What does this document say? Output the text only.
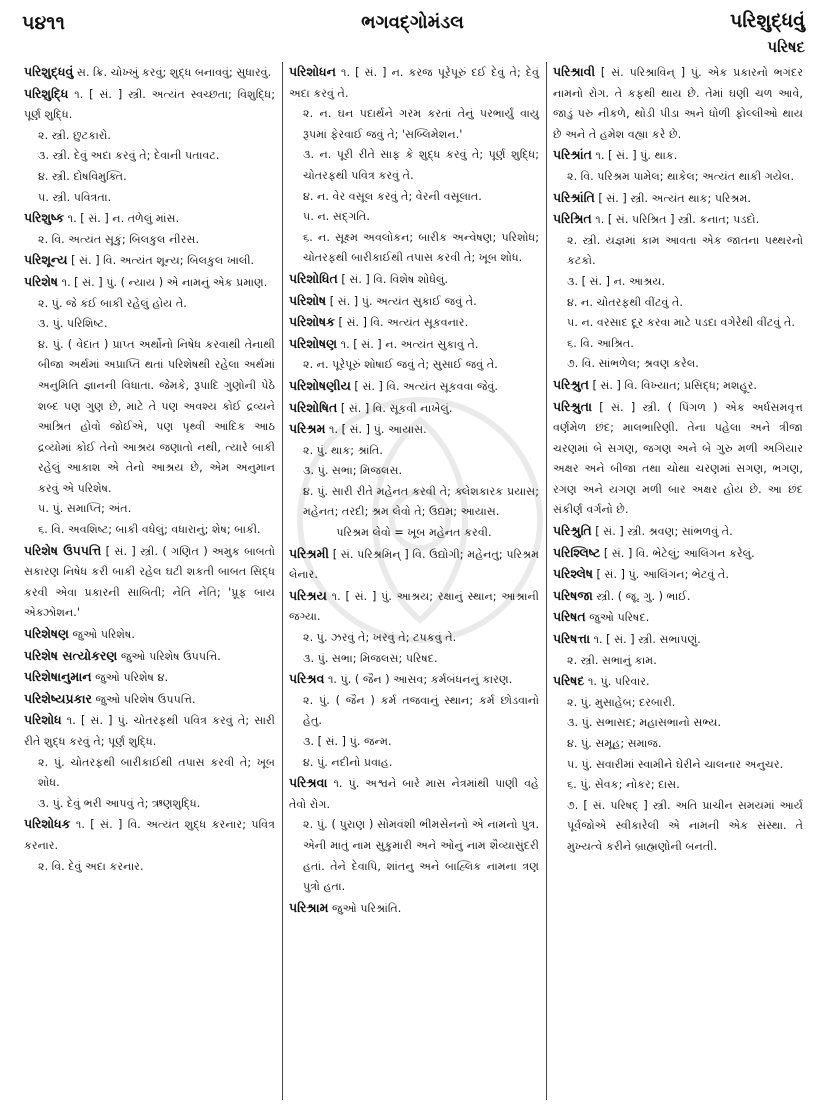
૫૪૧૧	ભગવદ્ગોમંડલ	પરિશુદ્ધવું
પરિષદ

પરિશુદ્ધવું સ. ક્રિ. ચોખ્ખું કરવું; શુદ્ધ બનાવવું; સુધારવું.

પરિશુદ્ધિ ૧. [ સં. ] સ્ત્રી. અત્યંત સ્વચ્છતા; વિશુદ્ધિ; પૂર્ણ શુદ્ધિ.

૨. સ્ત્રી. છુટકારો.

૩. સ્ત્રી. દેવું અદા કરવું તે; દેવાની પતાવટ.

૪. સ્ત્રી. દોષવિમુક્તિ.

૫. સ્ત્રી. પવિત્રતા.

પરિશુષ્ક ૧. [ સં. ] ન. તળેલું માંસ.

૨. વિ. અત્યંત સૂકું; બિલકુલ નીરસ.

પરિશૂન્ય [ સં. ] વિ. અત્યંત શૂન્ય; બિલકુલ ખાલી.

પરિશેષ ૧. [ સં. ] પું. ( ન્યાય ) એ નામનું એક પ્રમાણ.

૨. પું. જે કંઈ બાકી રહેલું હોય તે.

૩. પું. પરિશિષ્ટ.

૪. પું. ( વેદાંત ) પ્રાપ્ત અર્થોનો નિષેધ કરવાથી તેનાથી બીજા અર્થમાં અપ્રાપ્તિ થતાં પરિશેષથી રહેલા અર્થમાં અનુમિતિ જ્ઞાનની વિધાતા. જેમકે, રૂપાદિ ગુણોની પેઠે શબ્દ પણ ગુણ છે, માટે તે પણ અવશ્ય કોઈ દ્રવ્યને આશ્રિત હોવો જોઈએ, પણ પૃથ્વી આદિક આઠ દ્રવ્યોમાં કોઈ તેનો આશ્રય જણાતો નથી, ત્યારે બાકી રહેલું આકાશ એ તેનો આશ્રય છે, એમ અનુમાન કરવું એ પરિશેષ.

૫. પું. સમાપ્તિ; અંત.

૬. વિ. અવશિષ્ટ; બાકી વધેલું; વધારાનું; શેષ; બાકી.

પરિશેષ ઉપપત્તિ [ સં. ] સ્ત્રી. ( ગણિત ) અમુક બાબતો સકારણ નિષેધ કરી બાકી રહેલ ઘટી શકતી બાબત સિદ્ધ કરવી એવા પ્રકારની સાબિતી; નેતિ નેતિ; 'પ્રૂફ બાય એક્ઝોશન.'

પરિશેષણ જુઓ પરિશેષ.

પરિશેષ સત્યોકરણ જુઓ પરિશેષ ઉપપત્તિ.

પરિશેષાનુમાન જુઓ પરિશેષ ૪.

પરિશેષ્યપ્રકાર જુઓ પરિશેષ ઉપપત્તિ.

પરિશોધ ૧. [ સં. ] પું. ચોતરફથી પવિત્ર કરવું તે; સારી રીતે શુદ્ધ કરવું તે; પૂર્ણ શુદ્ધિ.

૨. પું. ચોતરફથી બારીકાઈથી તપાસ કરવી તે; ખૂબ શોધ.

૩. પું. દેવું ભરી આપવું તે; ઋણશુદ્ધિ.

પરિશોધક ૧. [ સં. ] વિ. અત્યંત શુદ્ધ કરનાર; પવિત્ર કરનાર.

૨. વિ. દેવું અદા કરનાર.

પરિશોધન ૧. [ સં. ] ન. કરજ પૂરેપૂરું દઈ દેવું તે; દેવું અદા કરવું તે.

૨. ન. ઘન પદાર્થને ગરમ કરતાં તેનું પરભાર્યું વાયુ રૂપમાં ફેરવાઈ જવું તે; 'સબ્લિમેશન.'

૩. ન. પૂરી રીતે સાફ કે શુદ્ધ કરવું તે; પૂર્ણ શુદ્ધિ; ચોતરફથી પવિત્ર કરવું તે.

૪. ન. વેર વસૂલ કરવું તે; વેરની વસૂલાત.

૫. ન. સદ્ગતિ.

૬. ન. સૂક્ષ્મ અવલોકન; બારીક અન્વેષણ; પરિશોધ; ચોતરફથી બારીકાઈથી તપાસ કરવી તે; ખૂબ શોધ.

પરિશોધિત [ સં. ] વિ. વિશેષ શોધેલું.

પરિશોષ [ સં. ] પું. અત્યંત સુકાઈ જવું તે.

પરિશોષક [ સં. ] વિ. અત્યંત સૂકવનાર.

પરિશોષણ ૧. [ સં. ] ન. અત્યંત સુકાવું તે.

૨. ન. પૂરેપૂરું શોષાઈ જવું તે; સુસાઈ જવું તે.

પરિશોષણીય [ સં. ] વિ. અત્યંત સૂકવવા જેવું.

પરિશોષિત [ સં. ] વિ. સૂકવી નાખેલું.

પરિશ્રમ ૧. [ સં. ] પું. આયાસ.

૨. પું. થાક; શ્રાંતિ.

૩. પું. સભા; મિજલસ.

૪. પું. સારી રીતે મહેનત કરવી તે; ક્લેશકારક પ્રયાસ; મહેનત; તરદી; શ્રમ લેવો તે; ઉદ્યમ; આયાસ.

પરિશ્રમ લેવો = ખૂબ મહેનત કરવી.

પરિશ્રમી [ સં. પરિશ્રમિન્ ] વિ. ઉદ્યોગી; મહેનતુ; પરિશ્રમ લેનાર.

પરિશ્રય ૧. [ સં. ] પું. આશ્રય; રક્ષાનું સ્થાન; આશ્રાની જગ્યા.

૨. પું. ઝરવું તે; ખરવું તે; ટપકવું તે.

૩. પું. સભા; મિજલસ; પરિષદ.

પરિશ્રવ ૧. પું. ( જૈન ) આસવ; કર્મબંધનનું કારણ.

૨. પું. ( જૈન ) કર્મ તજવાનું સ્થાન; કર્મ છોડવાનો હેતુ.

૩. [ સં. ] પું. જન્મ.

૪. પું. નદીનો પ્રવાહ.

પરિશ્રવા ૧. પું. અશ્વને બારે માસ નેત્રમાંથી પાણી વહે તેવો રોગ.

૨. પું. ( પુરાણ ) સોમવંશી ભીમસેનનો એ નામનો પુત્ર. એની માતું નામ સુકુમારી અને ઓનું નામ શૈવ્યાસુંદરી હતાં. તેને દેવાપિ, શાંતનુ અને બાહ્લિક નામના ત્રણ પુત્રો હતા.

પરિશ્રામ જુઓ પરિશ્રાંતિ.

પરિશ્રાવી [ સં. પરિશ્રાવિન્ ] પું. એક પ્રકારનો ભગંદર નામનો રોગ. તે કફથી થાય છે. તેમાં ઘણી ચળ આવે, જાડું પરુ નીકળે, થોડી પીડા અને ધોળી ફોલ્લીઓ થાય છે અને તે હમેશ વહ્યા કરે છે.

પરિશ્રાંત ૧. [ સં. ] પું. થાક.

૨. વિ. પરિશ્રમ પામેલ; થાકેલ; અત્યંત થાકી ગયેલ.

પરિશ્રાંતિ [ સં. ] સ્ત્રી. અત્યંત થાક; પરિશ્રમ.

પરિશ્રિત ૧. [ સં. પરિશ્રિત ] સ્ત્રી. કનાત; પડદો.

૨. સ્ત્રી. યજ્ઞમાં કામ આવતા એક જાતના પથ્થરનો કટકો.

૩. [ સં. ] ન. આશ્રય.

૪. ન. ચોતરફથી વીંટવું તે.

૫. ન. વરસાદ દૂર કરવા માટે પડદા વગેરેથી વીંટવું તે.

૬. વિ. આશ્રિત.

૭. વિ. સાંભળેલ; શ્રવણ કરેલ.

પરિશ્રુત [ સં. ] વિ. વિખ્યાત; પ્રસિદ્ધ; મશહૂર.

પરિશ્રુતા [ સં. ] સ્ત્રી. ( પિંગળ ) એક અર્ધસમવૃત્ત વર્ણમેળ છંદ; માલભારિણી. તેના પહેલા અને ત્રીજા ચરણમાં બે સગણ, જગણ અને બે ગુરુ મળી અગિયાર અક્ષર અને બીજા તથા ચોથા ચરણમાં સગણ, ભગણ, રગણ અને યગણ મળી બાર અક્ષર હોય છે. આ છંદ સંકીર્ણ વર્ગનો છે.

પરિશ્રુતિ [ સં. ] સ્ત્રી. શ્રવણ; સાંભળવું તે.

પરિશ્લિષ્ટ [ સં. ] વિ. ભેટેલું; આલિંગન કરેલું.

પરિશ્લેષ [ સં. ] પું. આલિંગન; ભેટવું તે.

પરિષજા સ્ત્રી. ( જૂ. ગુ. ) ભાઈ.

પરિષત જુઓ પરિષદ.

પરિષત્તા ૧. [ સં. ] સ્ત્રી. સભાપણું.

૨. સ્ત્રી. સભાનું કામ.

પરિષદ ૧. પું. પરિવાર.

૨. પું. મુસાહેબ; દરબારી.

૩. પું. સભાસદ; મહાસભાનો સભ્ય.

૪. પું. સમૂહ; સમાજ.

૫. પું. સવારીમાં સ્વામીને ઘેરીને ચાલનાર અનુચર.

૬. પું. સેવક; નોકર; દાસ.

૭. [ સં. પરિષદ્ ] સ્ત્રી. અતિ પ્રાચીન સમયમાં આર્ય પૂર્વજોએ સ્વીકારેલી એ નામની એક સંસ્થા. તે મુખ્યત્વે કરીને બ્રાહ્મણોની બનતી.
